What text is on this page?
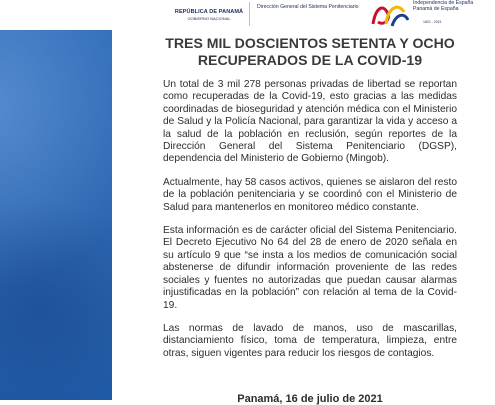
REPÚBLICA DE PANAMÁ
GOBIERNO NACIONAL
Dirección General del Sistema Penitenciario
Independencia de España
Panamá de España
1821 - 2021
TRES MIL DOSCIENTOS SETENTA Y OCHO RECUPERADOS DE LA COVID-19

Un total de 3 mil 278 personas privadas de libertad se reportan como recuperadas de la Covid-19, esto gracias a las medidas coordinadas de bioseguridad y atención médica con el Ministerio de Salud y la Policía Nacional, para garantizar la vida y acceso a la salud de la población en reclusión, según reportes de la Dirección General del Sistema Penitenciario (DGSP), dependencia del Ministerio de Gobierno (Mingob).

Actualmente, hay 58 casos activos, quienes se aislaron del resto de la población penitenciaria y se coordinó con el Ministerio de Salud para mantenerlos en monitoreo médico constante.

Esta información es de carácter oficial del Sistema Penitenciario. El Decreto Ejecutivo No 64 del 28 de enero de 2020 señala en su artículo 9 que “se insta a los medios de comunicación social abstenerse de difundir información proveniente de las redes sociales y fuentes no autorizadas que puedan causar alarmas injustificadas en la población” con relación al tema de la Covid-19.

Las normas de lavado de manos, uso de mascarillas, distanciamiento físico, toma de temperatura, limpieza, entre otras, siguen vigentes para reducir los riesgos de contagios.

Panamá, 16 de julio de 2021
